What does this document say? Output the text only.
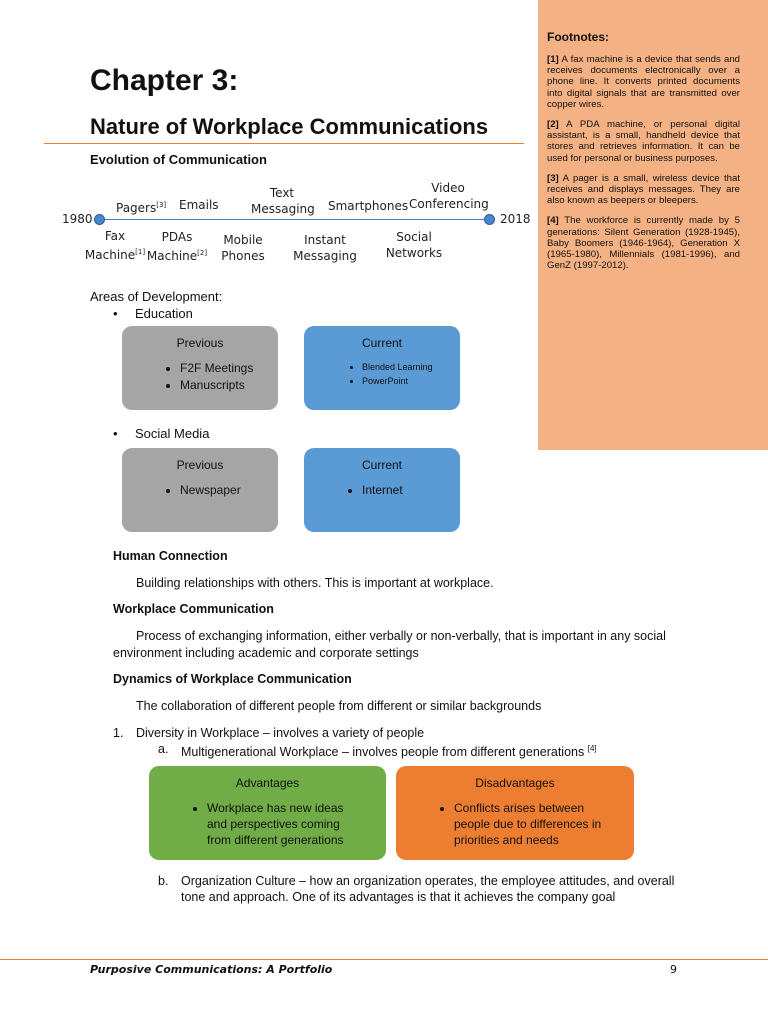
Chapter 3:
Nature of Workplace Communications
Evolution of Communication
1980	2018
Pagers[3] Emails
Text
Messaging Smartphones
Video
Conferencing
Fax
Machine[1]
PDAs
Machine[2]
Mobile
Phones
Instant
Messaging
Social
Networks
Areas of Development:
• Education
Previous
• F2F Meetings
• Manuscripts
Current
• Blended Learning
• PowerPoint
• Social Media
Previous
• Newspaper
Current
• Internet
Human Connection
Building relationships with others. This is important at workplace.
Workplace Communication
Process of exchanging information, either verbally or non-verbally, that is important in any social
environment including academic and corporate settings
Dynamics of Workplace Communication
The collaboration of different people from different or similar backgrounds
1. Diversity in Workplace – involves a variety of people
a. Multigenerational Workplace – involves people from different generations [4]
Advantages
• Workplace has new ideas
and perspectives coming
from different generations
Disadvantages
• Conflicts arises between
people due to differences in
priorities and needs
b. Organization Culture – how an organization operates, the employee attitudes, and overall
tone and approach. One of its advantages is that it achieves the company goal
Footnotes:

[1] A fax machine is a device that sends and receives documents electronically over a phone line. It converts printed documents into digital signals that are transmitted over copper wires.

[2] A PDA machine, or personal digital assistant, is a small, handheld device that stores and retrieves information. It can be used for personal or business purposes.

[3] A pager is a small, wireless device that receives and displays messages. They are also known as beepers or bleepers.

[4] The workforce is currently made by 5 generations: Silent Generation (1928-1945), Baby Boomers (1946-1964), Generation X (1965-1980), Millennials (1981-1996), and GenZ (1997-2012).

Purposive Communications: A Portfolio	9
